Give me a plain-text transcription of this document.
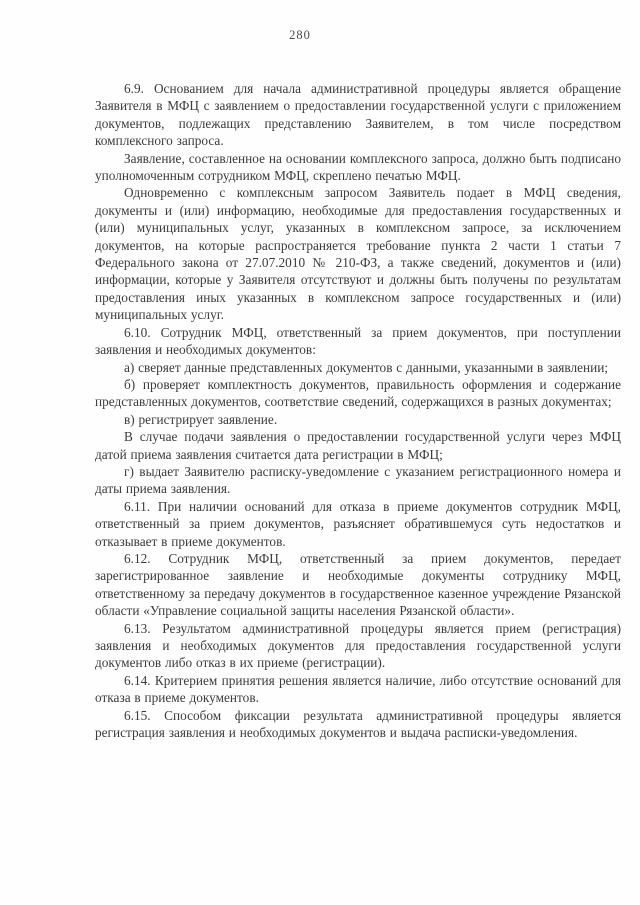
280

6.9. Основанием для начала административной процедуры является обращение Заявителя в МФЦ с заявлением о предоставлении государственной услуги с приложением документов, подлежащих представлению Заявителем, в том числе посредством комплексного запроса.

Заявление, составленное на основании комплексного запроса, должно быть подписано уполномоченным сотрудником МФЦ, скреплено печатью МФЦ.

Одновременно с комплексным запросом Заявитель подает в МФЦ сведения, документы и (или) информацию, необходимые для предоставления государственных и (или) муниципальных услуг, указанных в комплексном запросе, за исключением документов, на которые распространяется требование пункта 2 части 1 статьи 7 Федерального закона от 27.07.2010 № 210-ФЗ, а также сведений, документов и (или) информации, которые у Заявителя отсутствуют и должны быть получены по результатам предоставления иных указанных в комплексном запросе государственных и (или) муниципальных услуг.

6.10. Сотрудник МФЦ, ответственный за прием документов, при поступлении заявления и необходимых документов:

а) сверяет данные представленных документов с данными, указанными в заявлении;

б) проверяет комплектность документов, правильность оформления и содержание представленных документов, соответствие сведений, содержащихся в разных документах;

в) регистрирует заявление.

В случае подачи заявления о предоставлении государственной услуги через МФЦ датой приема заявления считается дата регистрации в МФЦ;

г) выдает Заявителю расписку-уведомление с указанием регистрационного номера и даты приема заявления.

6.11. При наличии оснований для отказа в приеме документов сотрудник МФЦ, ответственный за прием документов, разъясняет обратившемуся суть недостатков и отказывает в приеме документов.

6.12. Сотрудник МФЦ, ответственный за прием документов, передает зарегистрированное заявление и необходимые документы сотруднику МФЦ, ответственному за передачу документов в государственное казенное учреждение Рязанской области «Управление социальной защиты населения Рязанской области».

6.13. Результатом административной процедуры является прием (регистрация) заявления и необходимых документов для предоставления государственной услуги документов либо отказ в их приеме (регистрации).

6.14. Критерием принятия решения является наличие, либо отсутствие оснований для отказа в приеме документов.

6.15. Способом фиксации результата административной процедуры является регистрация заявления и необходимых документов и выдача расписки-уведомления.
